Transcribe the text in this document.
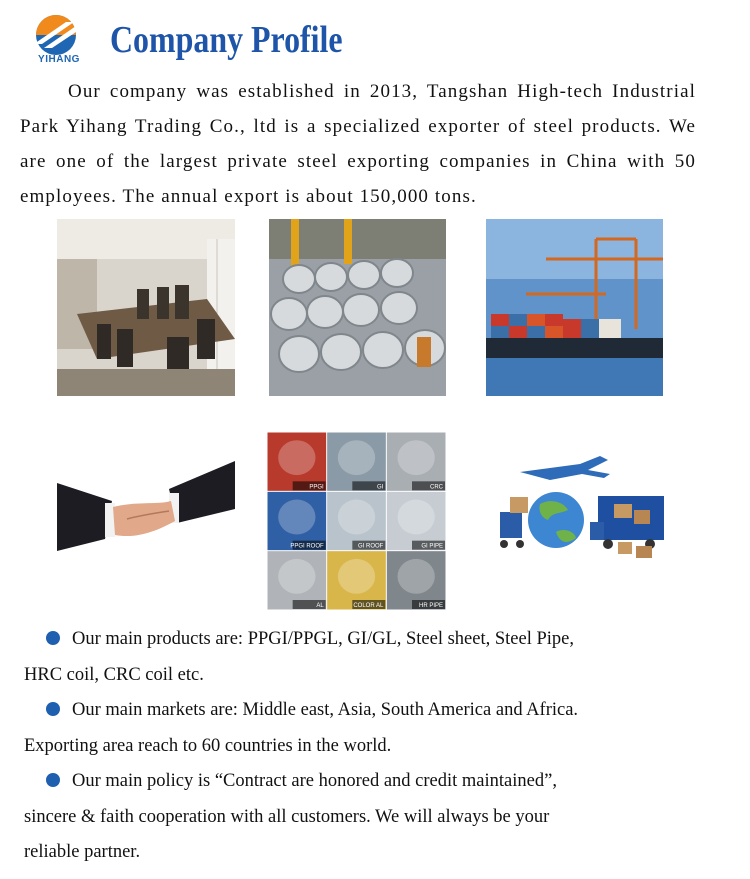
YIHANG Company Profile
Our company was established in 2013, Tangshan High-tech Industrial Park Yihang Trading Co., ltd is a specialized exporter of steel products. We are one of the largest private steel exporting companies in China with 50 employees. The annual export is about 150,000 tons.
PPGI	GI	CRC
PPGI ROOF	GI ROOF	GI PIPE
AL	COLOR AL	HR PIPE
Our main products are: PPGI/PPGL, GI/GL, Steel sheet, Steel Pipe,
HRC coil, CRC coil etc.
Our main markets are: Middle east, Asia, South America and Africa.
Exporting area reach to 60 countries in the world.
Our main policy is “Contract are honored and credit maintained”,
sincere & faith cooperation with all customers. We will always be your
reliable partner.
